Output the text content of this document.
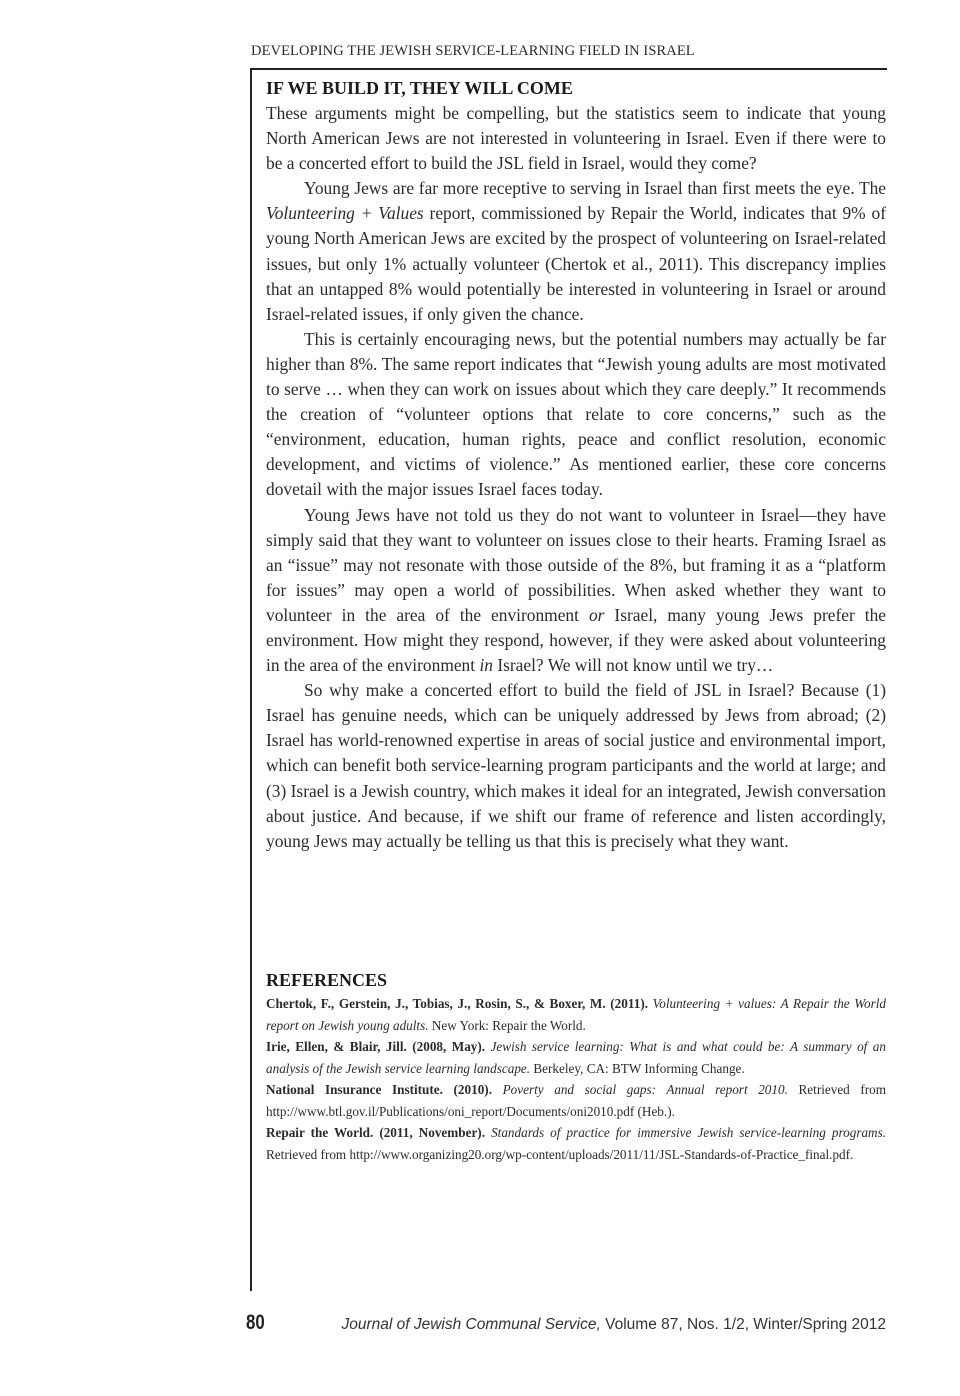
DEVELOPING THE JEWISH SERVICE-LEARNING FIELD IN ISRAEL
IF WE BUILD IT, THEY WILL COME

These arguments might be compelling, but the statistics seem to indicate that young North American Jews are not interested in volunteering in Israel. Even if there were to be a concerted effort to build the JSL field in Israel, would they come?

Young Jews are far more receptive to serving in Israel than first meets the eye. The Volunteering + Values report, commissioned by Repair the World, indicates that 9% of young North American Jews are excited by the prospect of volunteering on Israel-related issues, but only 1% actually volunteer (Chertok et al., 2011). This discrepancy implies that an untapped 8% would potentially be interested in volunteering in Israel or around Israel-related issues, if only given the chance.

This is certainly encouraging news, but the potential numbers may actually be far higher than 8%. The same report indicates that “Jewish young adults are most motivated to serve … when they can work on issues about which they care deeply.” It recommends the creation of “volunteer options that relate to core concerns,” such as the “environment, education, human rights, peace and conflict resolution, economic development, and victims of violence.” As mentioned earlier, these core concerns dovetail with the major issues Israel faces today.

Young Jews have not told us they do not want to volunteer in Israel—they have simply said that they want to volunteer on issues close to their hearts. Framing Israel as an “issue” may not resonate with those outside of the 8%, but framing it as a “platform for issues” may open a world of possibilities. When asked whether they want to volunteer in the area of the environment or Israel, many young Jews prefer the environment. How might they respond, however, if they were asked about volunteering in the area of the environment in Israel? We will not know until we try…

So why make a concerted effort to build the field of JSL in Israel? Because (1) Israel has genuine needs, which can be uniquely addressed by Jews from abroad; (2) Israel has world-renowned expertise in areas of social justice and environmental import, which can benefit both service-learning program participants and the world at large; and (3) Israel is a Jewish country, which makes it ideal for an integrated, Jewish conversation about justice. And because, if we shift our frame of reference and listen accordingly, young Jews may actually be telling us that this is precisely what they want.

REFERENCES

Chertok, F., Gerstein, J., Tobias, J., Rosin, S., & Boxer, M. (2011). Volunteering + values: A Repair the World report on Jewish young adults. New York: Repair the World.

Irie, Ellen, & Blair, Jill. (2008, May). Jewish service learning: What is and what could be: A summary of an analysis of the Jewish service learning landscape. Berkeley, CA: BTW Informing Change.

National Insurance Institute. (2010). Poverty and social gaps: Annual report 2010. Retrieved from http://www.btl.gov.il/Publications/oni_report/Documents/oni2010.pdf (Heb.).

Repair the World. (2011, November). Standards of practice for immersive Jewish service-learning programs. Retrieved from http://www.organizing20.org/wp-content/uploads/2011/11/JSL-Standards-of-Practice_final.pdf.

80	Journal of Jewish Communal Service, Volume 87, Nos. 1/2, Winter/Spring 2012
